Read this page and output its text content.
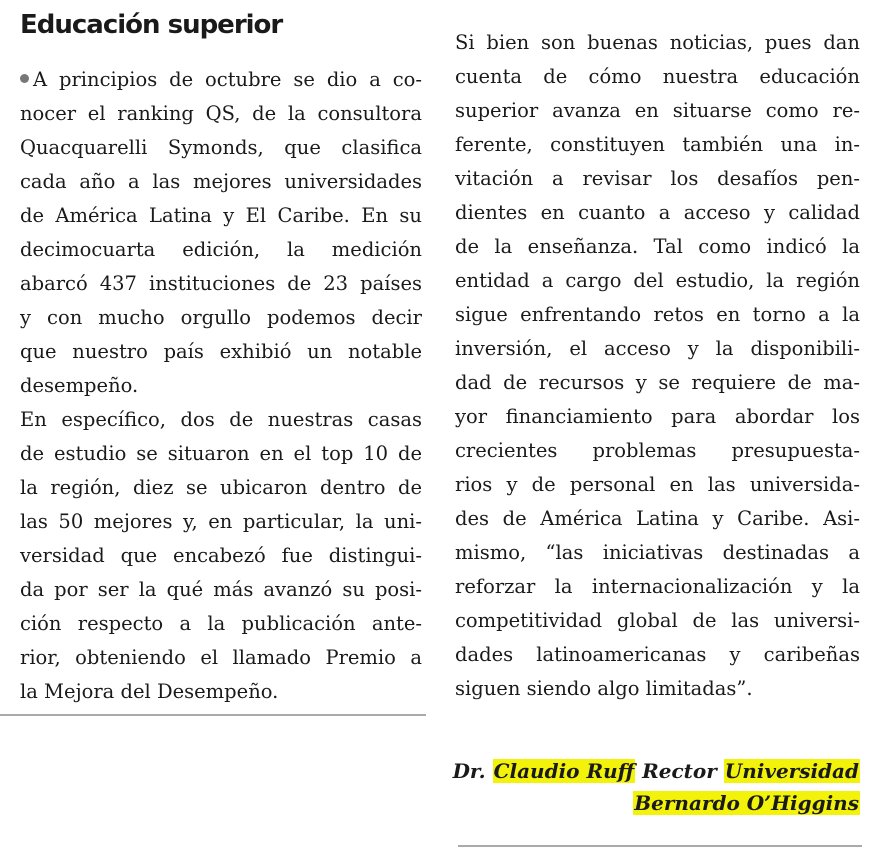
Educación superior
A principios de octubre se dio a co-
nocer el ranking QS, de la consultora
Quacquarelli Symonds, que clasifica
cada año a las mejores universidades
de América Latina y El Caribe. En su
decimocuarta edición, la medición
abarcó 437 instituciones de 23 países
y con mucho orgullo podemos decir
que nuestro país exhibió un notable
desempeño.
En específico, dos de nuestras casas
de estudio se situaron en el top 10 de
la región, diez se ubicaron dentro de
las 50 mejores y, en particular, la uni-
versidad que encabezó fue distingui-
da por ser la qué más avanzó su posi-
ción respecto a la publicación ante-
rior, obteniendo el llamado Premio a
la Mejora del Desempeño.
Si bien son buenas noticias, pues dan
cuenta de cómo nuestra educación
superior avanza en situarse como re-
ferente, constituyen también una in-
vitación a revisar los desafíos pen-
dientes en cuanto a acceso y calidad
de la enseñanza. Tal como indicó la
entidad a cargo del estudio, la región
sigue enfrentando retos en torno a la
inversión, el acceso y la disponibili-
dad de recursos y se requiere de ma-
yor financiamiento para abordar los
crecientes problemas presupuesta-
rios y de personal en las universida-
des de América Latina y Caribe. Asi-
mismo, “las iniciativas destinadas a
reforzar la internacionalización y la
competitividad global de las universi-
dades latinoamericanas y caribeñas
siguen siendo algo limitadas”.
Dr. Claudio Ruff Rector Universidad
Bernardo O’Higgins
